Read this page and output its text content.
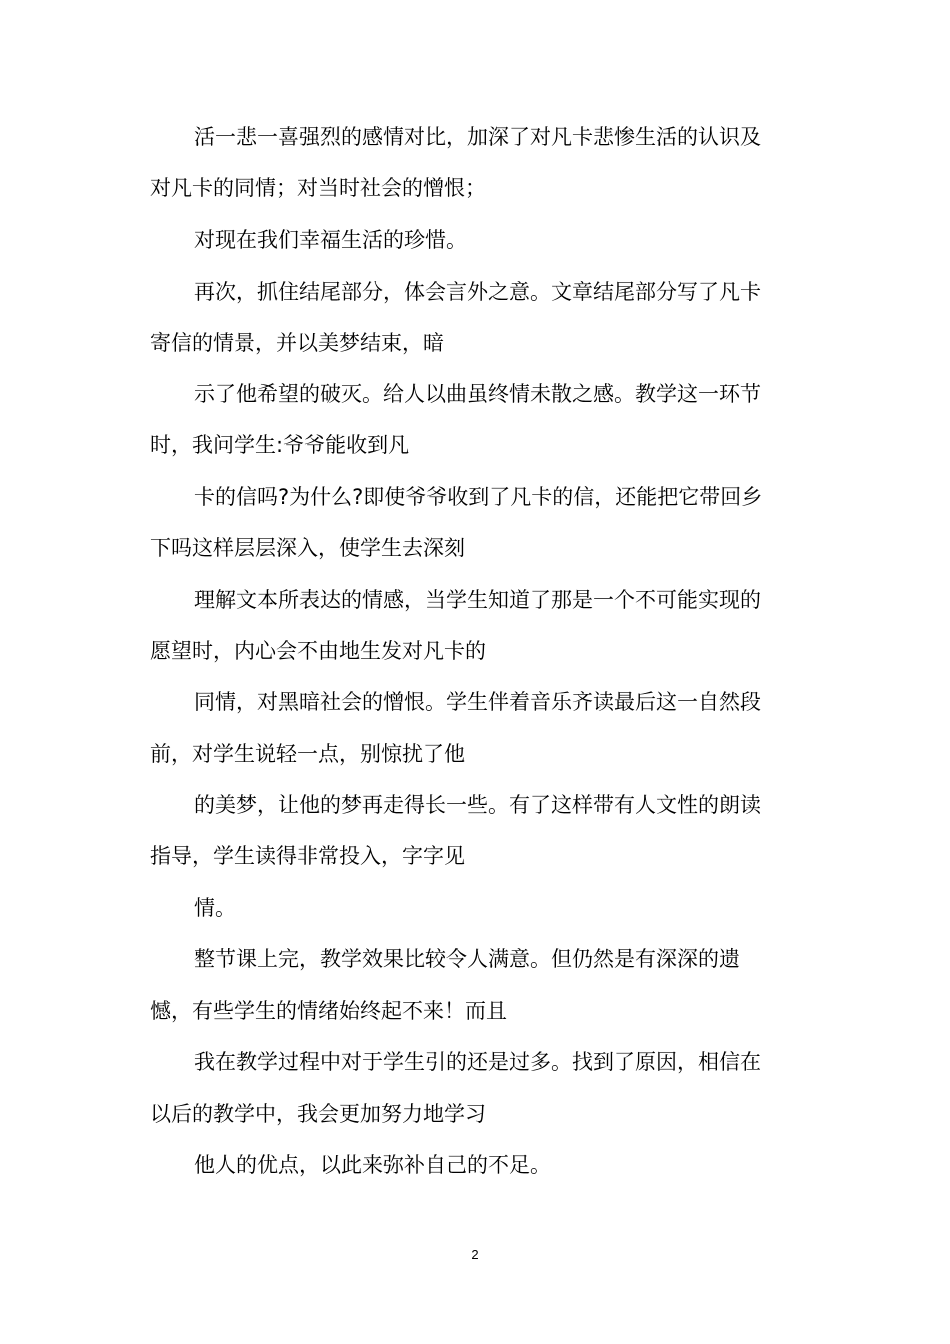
活一悲一喜强烈的感情对比，加深了对凡卡悲惨生活的认识及
对凡卡的同情；对当时社会的憎恨；
对现在我们幸福生活的珍惜。
再次，抓住结尾部分，体会言外之意。文章结尾部分写了凡卡
寄信的情景，并以美梦结束，暗
示了他希望的破灭。给人以曲虽终情未散之感。教学这一环节
时，我问学生:爷爷能收到凡
卡的信吗?为什么?即使爷爷收到了凡卡的信，还能把它带回乡
下吗这样层层深入，使学生去深刻
理解文本所表达的情感，当学生知道了那是一个不可能实现的
愿望时，内心会不由地生发对凡卡的
同情，对黑暗社会的憎恨。学生伴着音乐齐读最后这一自然段
前，对学生说轻一点，别惊扰了他
的美梦，让他的梦再走得长一些。有了这样带有人文性的朗读
指导，学生读得非常投入，字字见
情。
整节课上完，教学效果比较令人满意。但仍然是有深深的遗
憾，有些学生的情绪始终起不来！而且
我在教学过程中对于学生引的还是过多。找到了原因，相信在
以后的教学中，我会更加努力地学习
他人的优点，以此来弥补自己的不足。
2
